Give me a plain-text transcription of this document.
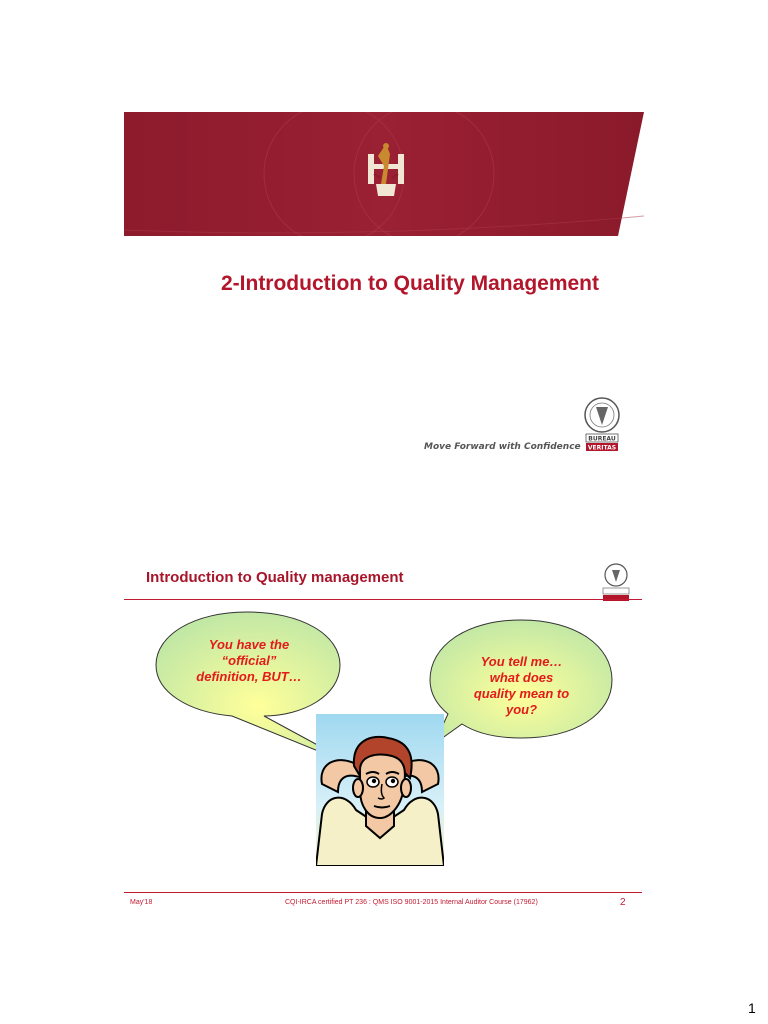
2-Introduction to Quality Management
BUREAU
VERITAS
Move Forward with Confidence
Introduction to Quality management
You have the
“official”
definition, BUT…
You tell me…
what does
quality mean to
you?
May'18	CQI-IRCA certified PT 236 : QMS ISO 9001-2015 Internal Auditor Course (17962)	2
1
